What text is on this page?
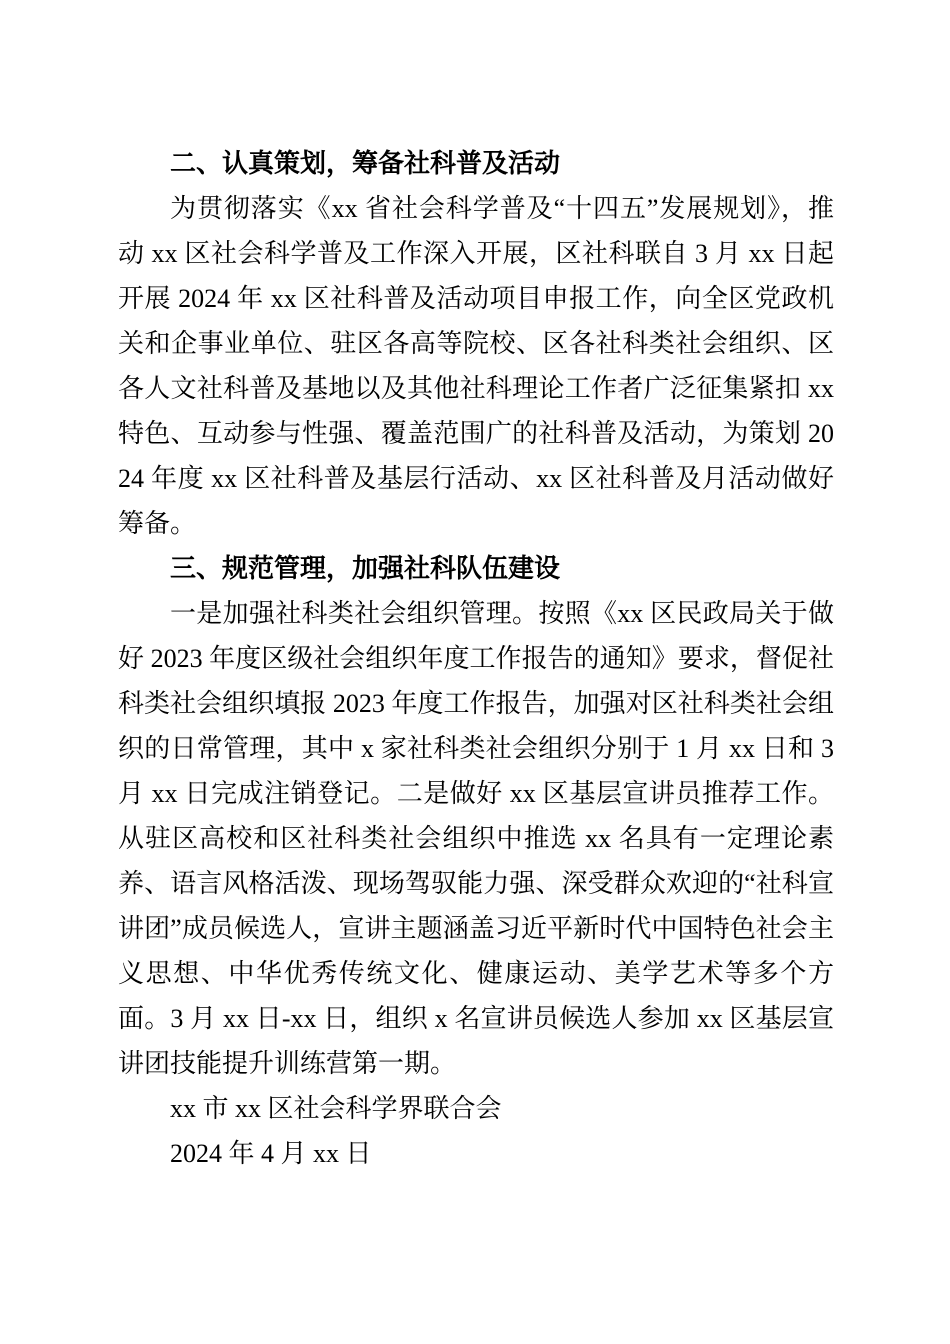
二、认真策划，筹备社科普及活动

为贯彻落实《xx 省社会科学普及“十四五”发展规划》，推动 xx 区社会科学普及工作深入开展，区社科联自 3 月 xx 日起开展 2024 年 xx 区社科普及活动项目申报工作，向全区党政机关和企事业单位、驻区各高等院校、区各社科类社会组织、区各人文社科普及基地以及其他社科理论工作者广泛征集紧扣 xx 特色、互动参与性强、覆盖范围广的社科普及活动，为策划 2024 年度 xx 区社科普及基层行活动、xx 区社科普及月活动做好筹备。

三、规范管理，加强社科队伍建设

一是加强社科类社会组织管理。按照《xx 区民政局关于做好 2023 年度区级社会组织年度工作报告的通知》要求，督促社科类社会组织填报 2023 年度工作报告，加强对区社科类社会组织的日常管理，其中 x 家社科类社会组织分别于 1 月 xx 日和 3 月 xx 日完成注销登记。二是做好 xx 区基层宣讲员推荐工作。从驻区高校和区社科类社会组织中推选 xx 名具有一定理论素养、语言风格活泼、现场驾驭能力强、深受群众欢迎的“社科宣讲团”成员候选人，宣讲主题涵盖习近平新时代中国特色社会主义思想、中华优秀传统文化、健康运动、美学艺术等多个方面。3 月 xx 日-xx 日，组织 x 名宣讲员候选人参加 xx 区基层宣讲团技能提升训练营第一期。

xx 市 xx 区社会科学界联合会

2024 年 4 月 xx 日
